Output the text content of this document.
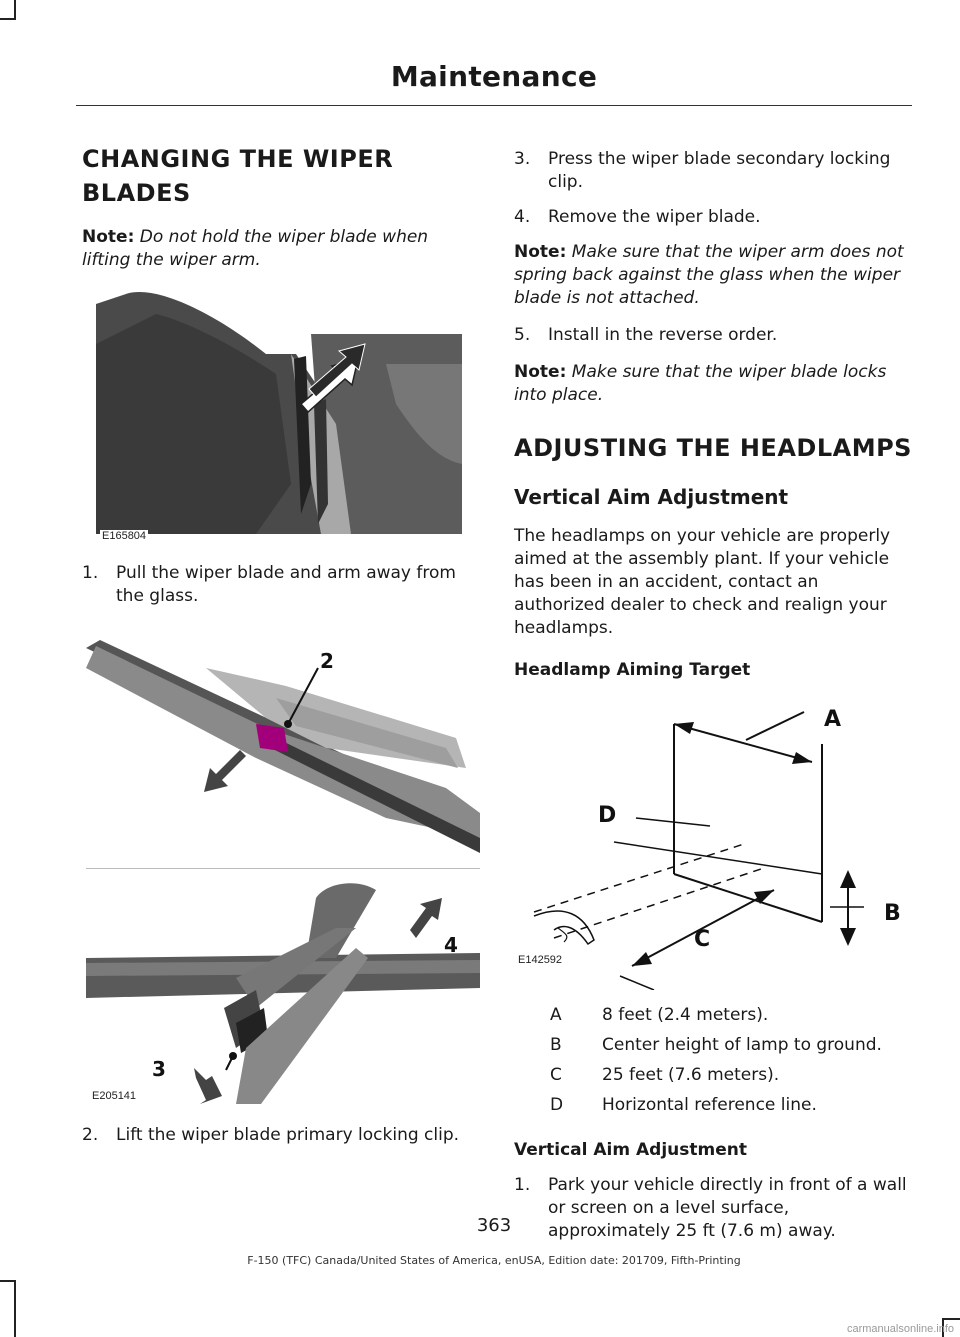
Maintenance
CHANGING THE WIPER
BLADES

Note: Do not hold the wiper blade when lifting the wiper arm.

E165804
1. Pull the wiper blade and arm away from the glass.
2
3
4
E205141
2. Lift the wiper blade primary locking clip.
3. Press the wiper blade secondary locking clip.
4. Remove the wiper blade.

Note: Make sure that the wiper arm does not spring back against the glass when the wiper blade is not attached.

5. Install in the reverse order.

Note: Make sure that the wiper blade locks into place.

ADJUSTING THE HEADLAMPS
Vertical Aim Adjustment

The headlamps on your vehicle are properly aimed at the assembly plant. If your vehicle has been in an accident, contact an authorized dealer to check and realign your headlamps.

Headlamp Aiming Target
A
D
C
B
E142592
A	8 feet (2.4 meters).
B	Center height of lamp to ground.
C	25 feet (7.6 meters).
D	Horizontal reference line.
Vertical Aim Adjustment
1. Park your vehicle directly in front of a wall or screen on a level surface, approximately 25 ft (7.6 m) away.
363
F-150 (TFC) Canada/United States of America, enUSA, Edition date: 201709, Fifth-Printing
carmanualsonline.info
